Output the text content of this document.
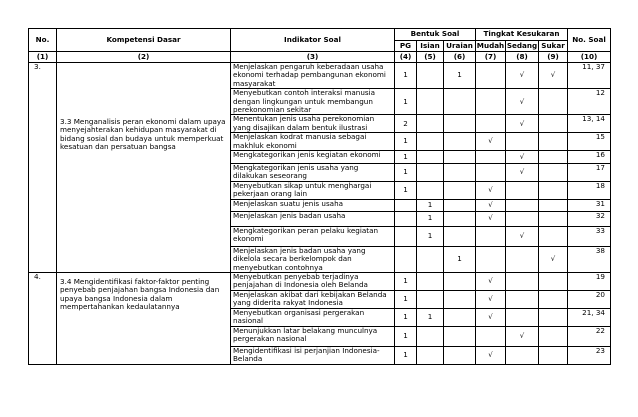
No.	Kompetensi Dasar	Indikator Soal	Bentuk Soal			Tingkat Kesukaran			No. Soal
			PG	Isian	Uraian	Mudah	Sedang	Sukar	
(1)	(2)	(3)	(4)	(5)	(6)	(7)	(8)	(9)	(10)
3.	3.3 Menganalisis peran ekonomi dalam upaya menyejahterakan kehidupan masyarakat di bidang sosial dan budaya untuk memperkuat kesatuan dan persatuan bangsa	Menjelaskan pengaruh keberadaan usaha ekonomi terhadap pembangunan ekonomi masyarakat	1		1		√	√	11, 37
		Menyebutkan contoh interaksi manusia dengan lingkungan untuk membangun perekonomian sekitar	1				√		12
		Menentukan jenis usaha perekonomian yang disajikan dalam bentuk ilustrasi	2				√		13, 14
		Menjelaskan kodrat manusia sebagai makhluk ekonomi	1			√			15
		Mengkategorikan jenis kegiatan ekonomi	1				√		16
		Mengkategorikan jenis usaha yang dilakukan seseorang	1				√		17
		Menyebutkan sikap untuk menghargai pekerjaan orang lain	1			√			18
		Menjelaskan suatu jenis usaha		1		√			31
		Menjelaskan jenis badan usaha		1		√			32
		Mengkategorikan peran pelaku kegiatan ekonomi		1			√		33
		Menjelaskan jenis badan usaha yang dikelola secara berkelompok dan menyebutkan contohnya			1			√	38
4.	3.4 Mengidentifikasi faktor-faktor penting penyebab penjajahan bangsa Indonesia dan upaya bangsa Indonesia dalam mempertahankan kedaulatannya	Menyebutkan penyebab terjadinya penjajahan di Indonesia oleh Belanda	1			√			19
		Menjelaskan akibat dari kebijakan Belanda yang diderita rakyat Indonesia	1			√			20
		Menyebutkan organisasi pergerakan nasional	1	1		√			21, 34
		Menunjukkan latar belakang munculnya pergerakan nasional	1				√		22
		Mengidentifikasi isi perjanjian Indonesia-Belanda	1			√			23
